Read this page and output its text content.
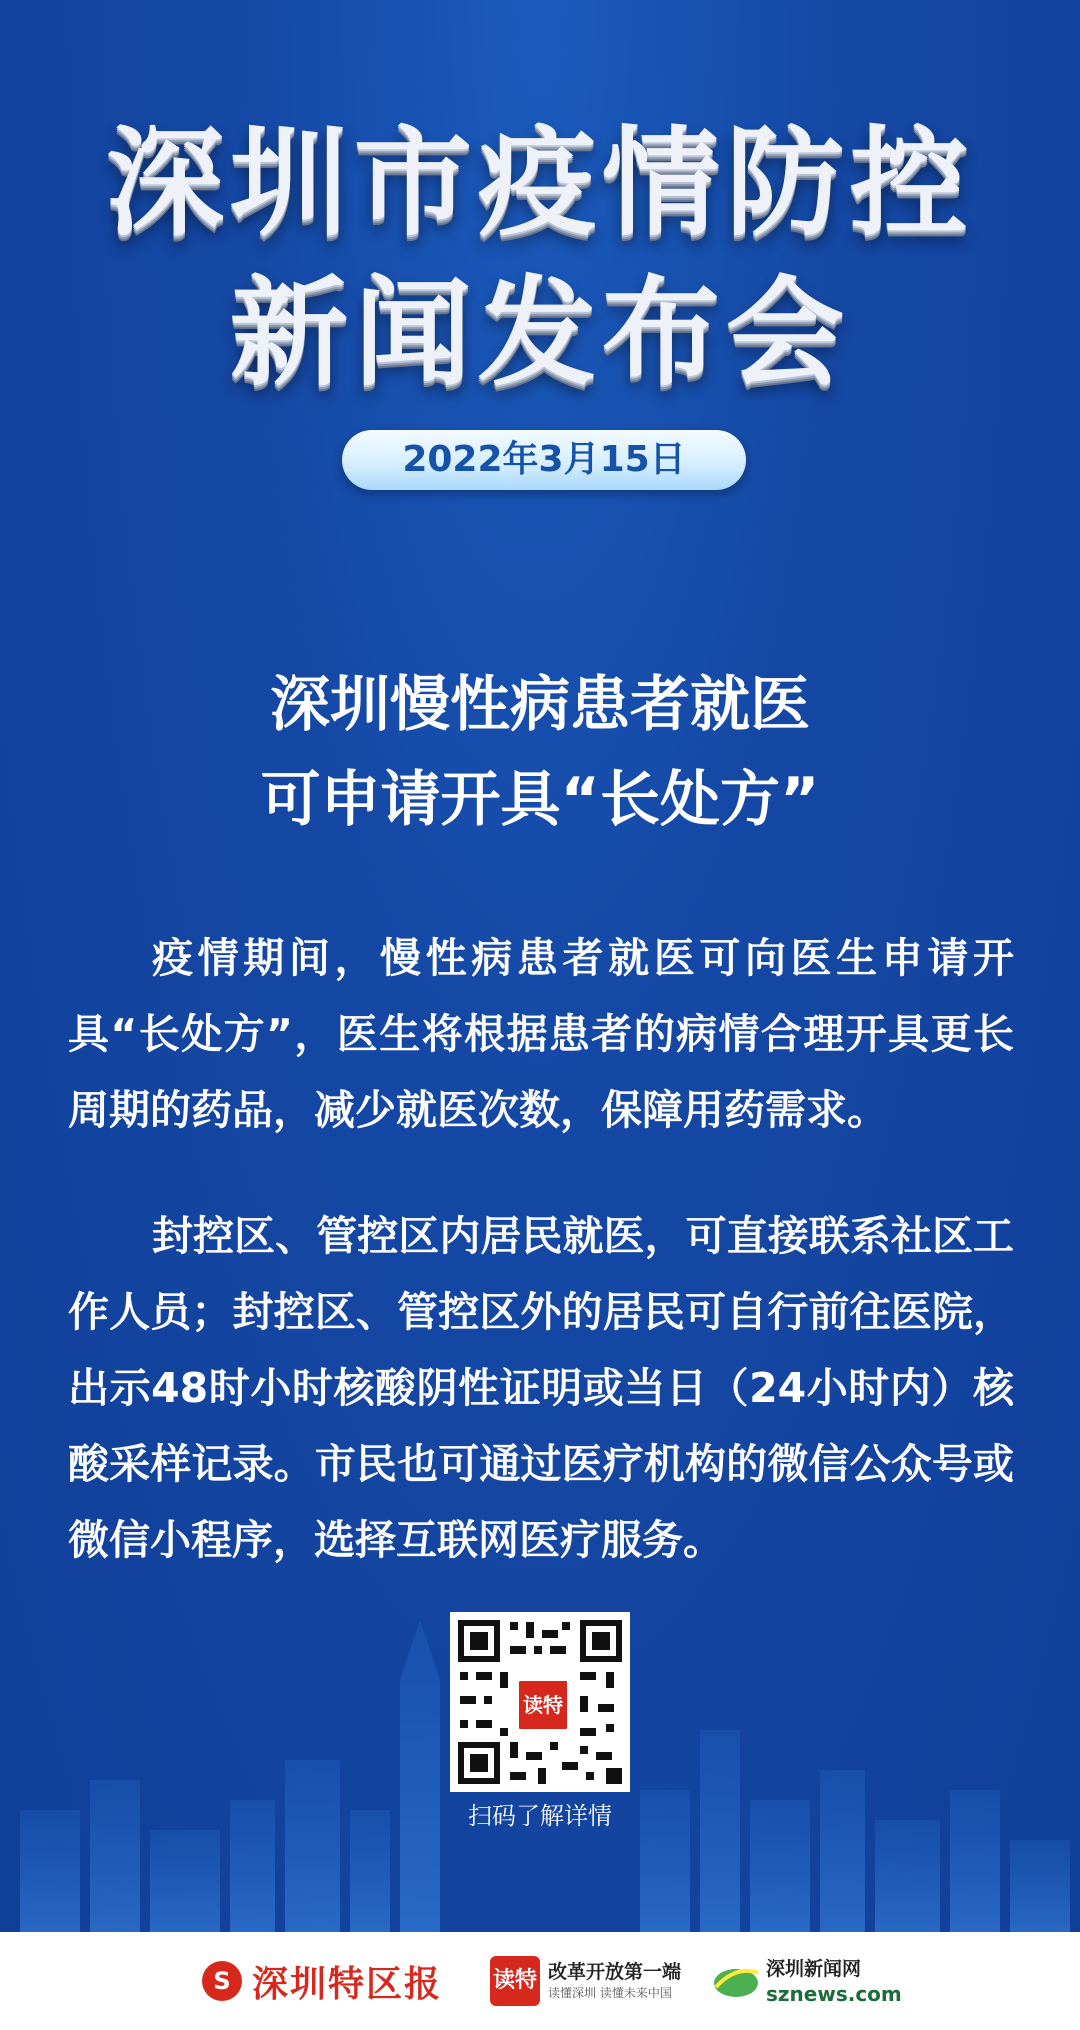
深圳市疫情防控
新闻发布会
2022年3月15日
深圳慢性病患者就医
可申请开具“长处方”

疫情期间，慢性病患者就医可向医生申请开具“长处方”，医生将根据患者的病情合理开具更长周期的药品，减少就医次数，保障用药需求。

封控区、管控区内居民就医，可直接联系社区工作人员；封控区、管控区外的居民可自行前往医院，出示48时小时核酸阴性证明或当日（24小时内）核酸采样记录。市民也可通过医疗机构的微信公众号或微信小程序，选择互联网医疗服务。

读特
扫码了解详情
S 深圳特区报 读特 改革开放第一端
读懂深圳 读懂未来中国
深圳新闻网
sznews.com
